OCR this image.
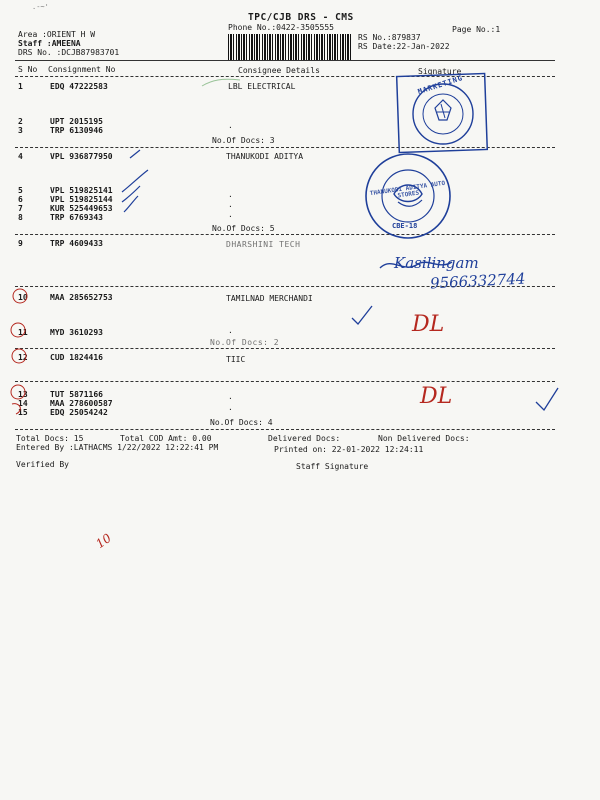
.-~'
TPC/CJB DRS - CMS
Phone No.:0422-3505555	Page No.:1
Area :ORIENT H W
Staff :AMEENA
DRS No. :DCJB87983701
RS No.:879837
RS Date:22-Jan-2022
S No Consignment No	Consignee Details	Signature
1	EDQ 47222583	LBL ELECTRICAL
2	UPT 2015195
3	TRP 6130946
.
No.Of Docs: 3
4	VPL 936877950	THANUKODI ADITYA
5	VPL 519825141
6	VPL 519825144
7	KUR 525449653
8	TRP 6769343
.
.
.
No.Of Docs: 5
9	TRP 4609433	DHARSHINI TECH
10	MAA 285652753	TAMILNAD MERCHANDI
11	MYD 3610293	.
No.Of Docs: 2
12	CUD 1824416	TIIC
13	TUT 5871166
14	MAA 278600587
15	EDQ 25054242
.
.
No.Of Docs: 4
Total Docs: 15	Total COD Amt: 0.00	Delivered Docs:	Non Delivered Docs:
Entered By :LATHACMS 1/22/2022 12:22:41 PM	Printed on: 22-01-2022 12:24:11
Verified By	Staff Signature
MARKETING
THANUKODI ADITYA AUTO STORES
CBE-18
Kasilingam
9566332744
DL
DL
10
